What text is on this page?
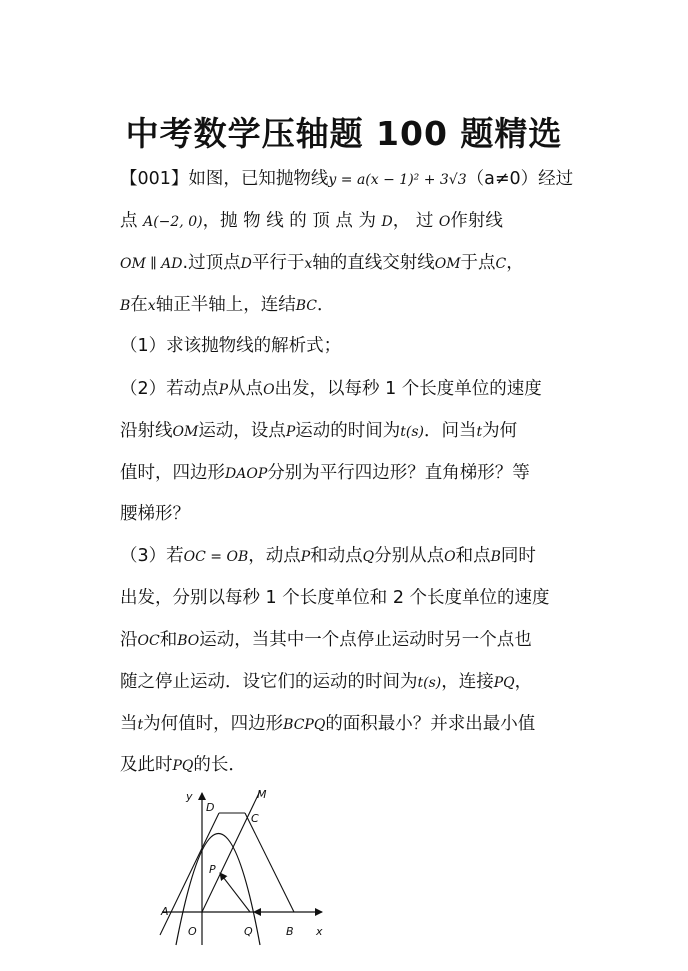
中考数学压轴题 100 题精选
【001】如图，已知抛物线y = a(x − 1)² + 3√3（a≠0）经过
点 A(−2, 0)，抛 物 线 的 顶 点 为 D， 过 O作射线
OM ∥ AD.过顶点D平行于x轴的直线交射线OM于点C，
B在x轴正半轴上，连结BC．
（1）求该抛物线的解析式；
（2）若动点P从点O出发，以每秒 1 个长度单位的速度
沿射线OM运动，设点P运动的时间为t(s)．问当t为何
值时，四边形DAOP分别为平行四边形？直角梯形？等
腰梯形？
（3）若OC = OB，动点P和动点Q分别从点O和点B同时
出发，分别以每秒 1 个长度单位和 2 个长度单位的速度
沿OC和BO运动，当其中一个点停止运动时另一个点也
随之停止运动．设它们的运动的时间为t(s)，连接PQ，
当t为何值时，四边形BCPQ的面积最小？并求出最小值
及此时PQ的长．
y
x
D
M
C
P
A
O	Q	B
